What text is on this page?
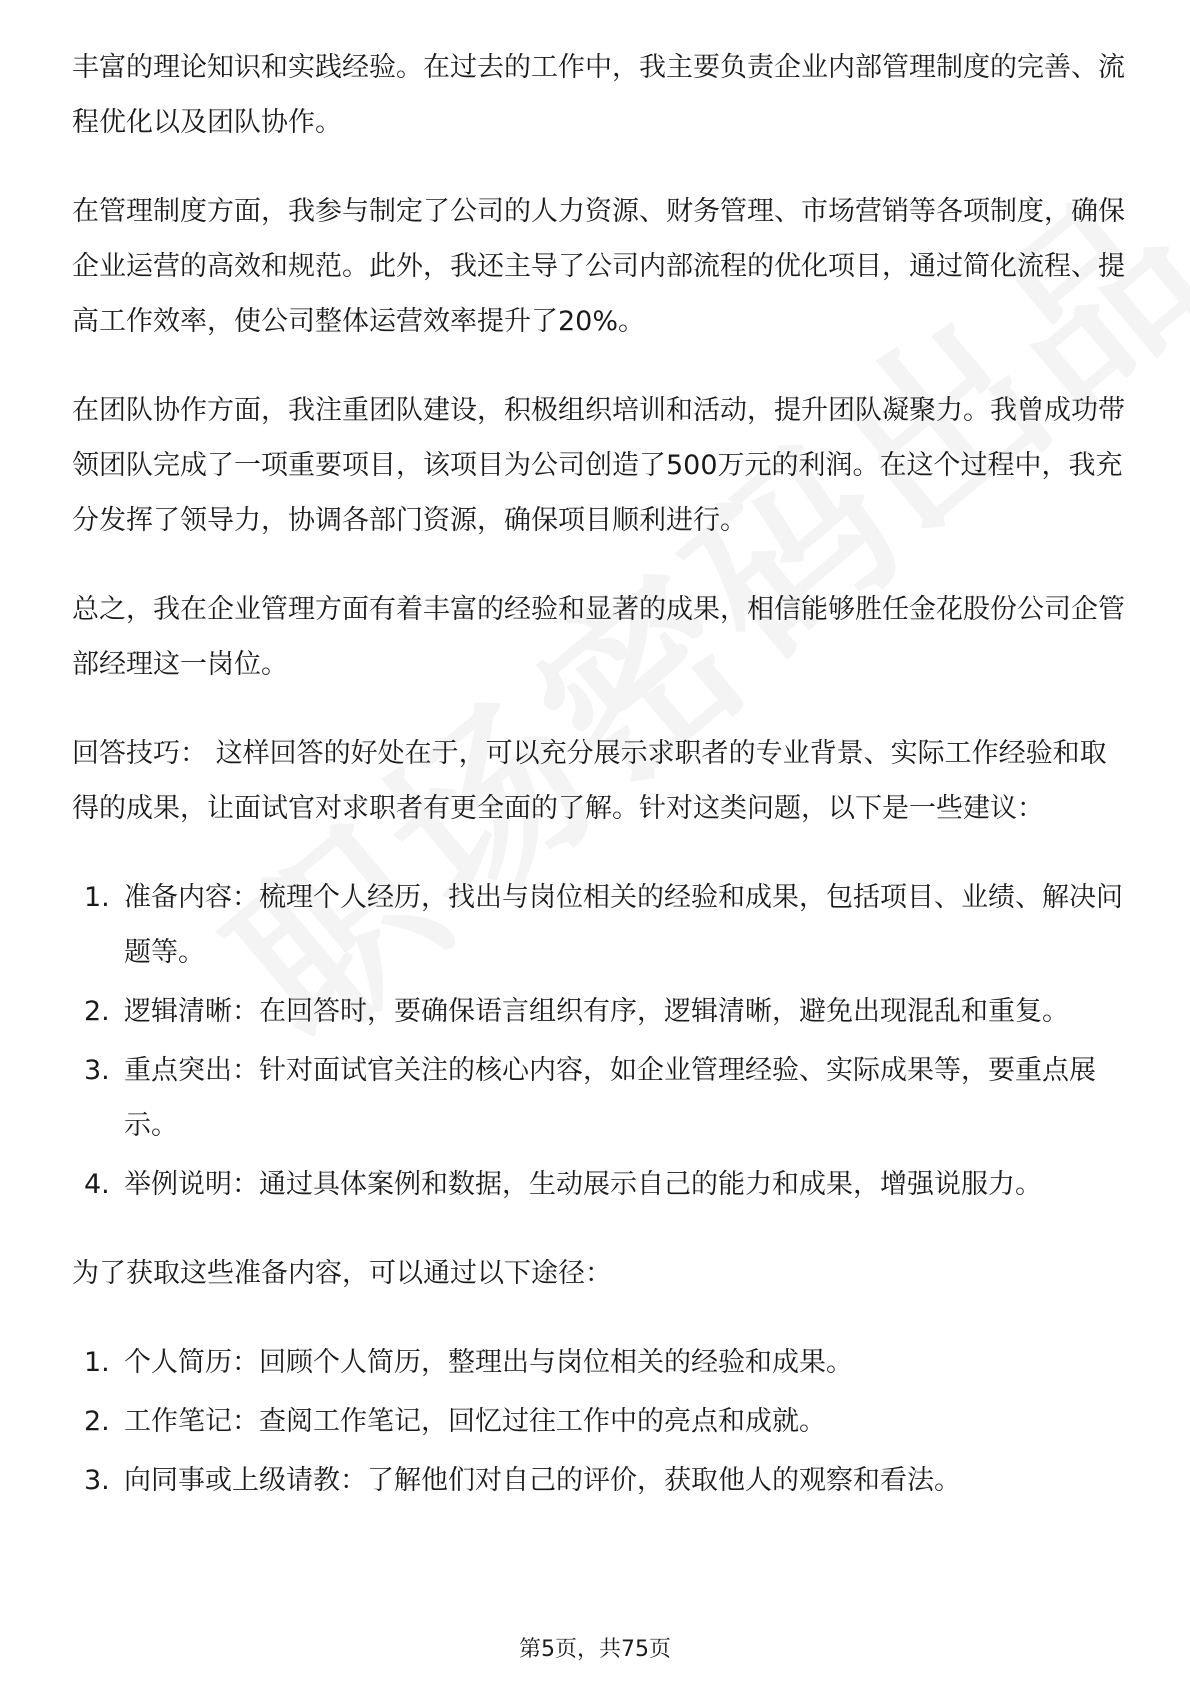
丰富的理论知识和实践经验。在过去的工作中，我主要负责企业内部管理制度的完善、流程优化以及团队协作。

在管理制度方面，我参与制定了公司的人力资源、财务管理、市场营销等各项制度，确保企业运营的高效和规范。此外，我还主导了公司内部流程的优化项目，通过简化流程、提高工作效率，使公司整体运营效率提升了20%。

在团队协作方面，我注重团队建设，积极组织培训和活动，提升团队凝聚力。我曾成功带领团队完成了一项重要项目，该项目为公司创造了500万元的利润。在这个过程中，我充分发挥了领导力，协调各部门资源，确保项目顺利进行。

总之，我在企业管理方面有着丰富的经验和显著的成果，相信能够胜任金花股份公司企管部经理这一岗位。

回答技巧： 这样回答的好处在于，可以充分展示求职者的专业背景、实际工作经验和取得的成果，让面试官对求职者有更全面的了解。针对这类问题，以下是一些建议：

1. 准备内容：梳理个人经历，找出与岗位相关的经验和成果，包括项目、业绩、解决问题等。
2. 逻辑清晰：在回答时，要确保语言组织有序，逻辑清晰，避免出现混乱和重复。
3. 重点突出：针对面试官关注的核心内容，如企业管理经验、实际成果等，要重点展示。
4. 举例说明：通过具体案例和数据，生动展示自己的能力和成果，增强说服力。

为了获取这些准备内容，可以通过以下途径：

1. 个人简历：回顾个人简历，整理出与岗位相关的经验和成果。
2. 工作笔记：查阅工作笔记，回忆过往工作中的亮点和成就。
3. 向同事或上级请教：了解他们对自己的评价，获取他人的观察和看法。
第5页，共75页
